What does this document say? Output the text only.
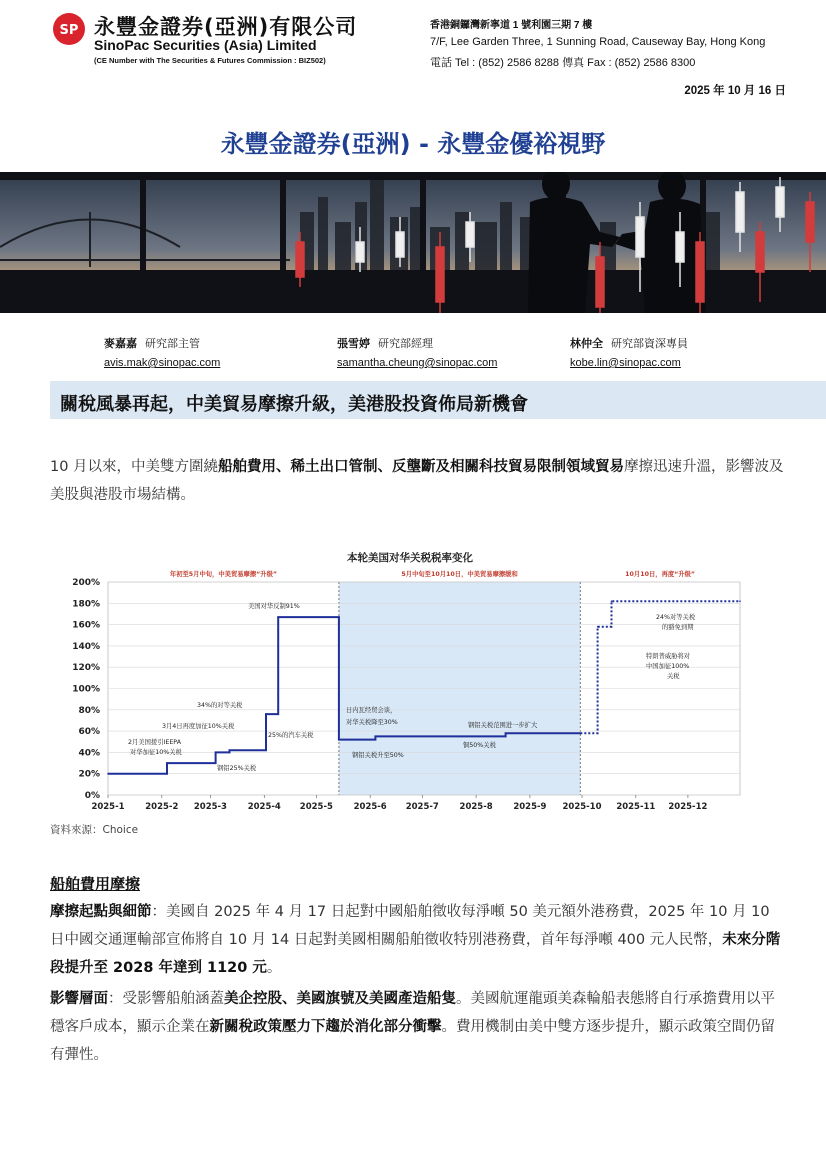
SP 永豐金證券(亞洲)有限公司
SinoPac Securities (Asia) Limited
(CE Number with The Securities & Futures Commission : BIZ502)
香港銅鑼灣新寧道 1 號利園三期 7 樓
7/F, Lee Garden Three, 1 Sunning Road, Causeway Bay, Hong Kong
電話 Tel : (852) 2586 8288 傳真 Fax : (852) 2586 8300
2025 年 10 月 16 日
永豐金證券(亞洲) - 永豐金優裕視野
麥嘉嘉 研究部主管
avis.mak@sinopac.com
張雪婷 研究部經理
samantha.cheung@sinopac.com
林仲全 研究部資深專員
kobe.lin@sinopac.com
關稅風暴再起，中美貿易摩擦升級，美港股投資佈局新機會
10 月以來，中美雙方圍繞船舶費用、稀土出口管制、反壟斷及相關科技貿易限制領域貿易摩擦迅速升溫，影響波及美股與港股市場結構。
本轮美国对华关税税率变化
0%
20%
40%
60%
80%
100%
120%
140%
160%
180%
200%
2025-1 2025-2 2025-3 2025-4 2025-5 2025-6 2025-7 2025-8 2025-9 2025-10 2025-11 2025-12
年初至5月中旬，中美贸易摩擦“升级”	5月中旬至10月10日，中美贸易摩擦缓和	10月10日，再度“升级”
2月美国援引IEEPA
对华加征10%关税
3月4日再度加征10%关税
钢铝25%关税
34%的对等关税
25%的汽车关税
美国对华反制91%
日内瓦经贸会谈，
对华关税降至30%
钢铝关税升至50%
钢铝关税范围进一步扩大
铜50%关税
24%对等关税
的豁免到期
特朗普威胁将对
中国加征100%
关税
資料來源：Choice
船舶費用摩擦
摩擦起點與細節：美國自 2025 年 4 月 17 日起對中國船舶徵收每淨噸 50 美元額外港務費，2025 年 10 月 10 日中國交通運輸部宣佈將自 10 月 14 日起對美國相關船舶徵收特別港務費，首年每淨噸 400 元人民幣，未來分階段提升至 2028 年達到 1120 元。
影響層面：受影響船舶涵蓋美企控股、美國旗號及美國產造船隻。美國航運龍頭美森輪船表態將自行承擔費用以平穩客戶成本，顯示企業在新關稅政策壓力下趨於消化部分衝擊。費用機制由美中雙方逐步提升，顯示政策空間仍留有彈性。
